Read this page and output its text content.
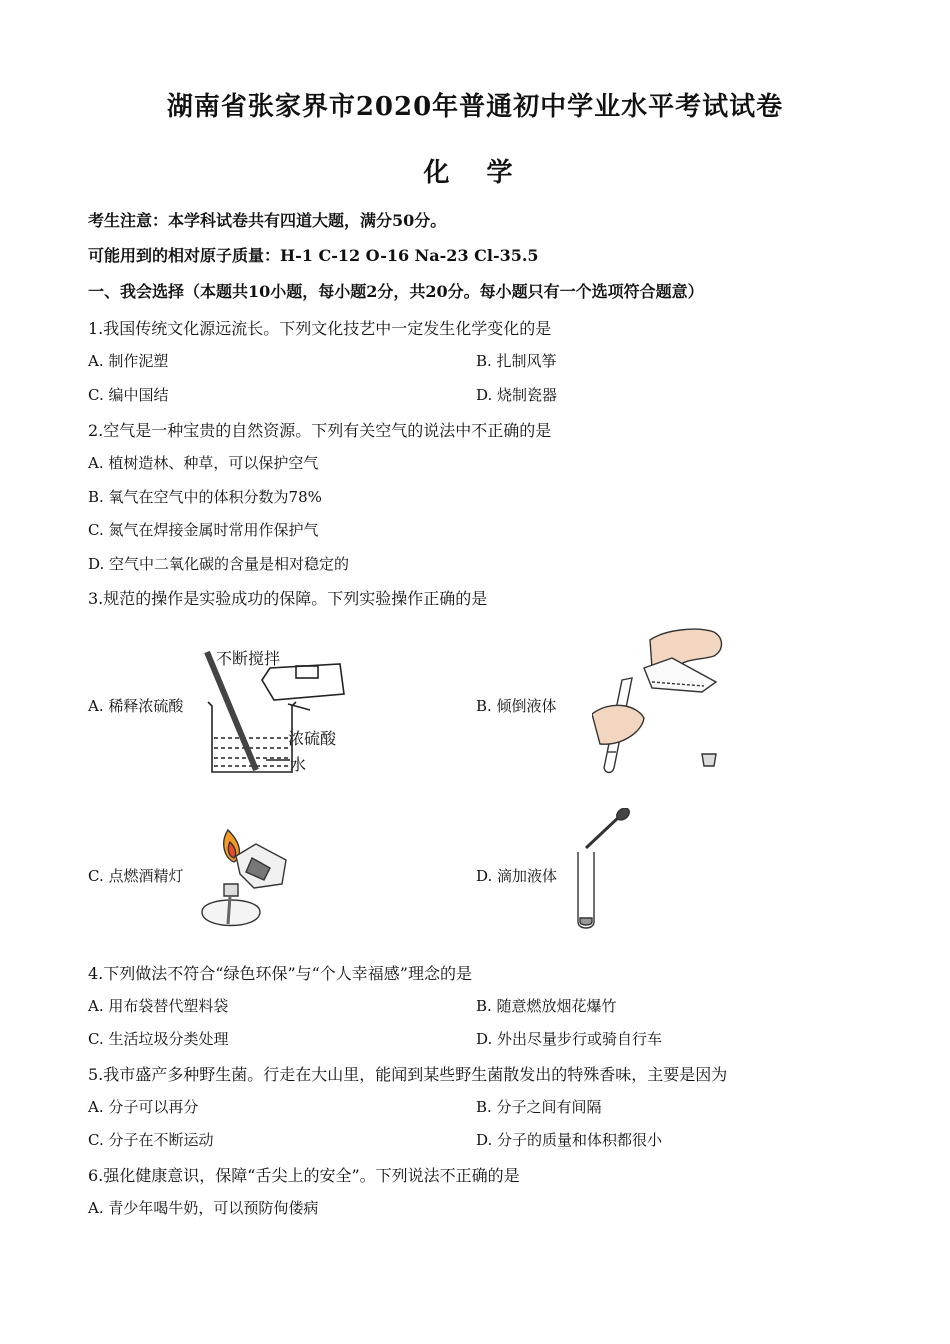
湖南省张家界市2020年普通初中学业水平考试试卷
化 学
考生注意：本学科试卷共有四道大题，满分50分。
可能用到的相对原子质量：H-1 C-12 O-16 Na-23 Cl-35.5
一、我会选择（本题共10小题，每小题2分，共20分。每小题只有一个选项符合题意）
1.我国传统文化源远流长。下列文化技艺中一定发生化学变化的是
A. 制作泥塑	B. 扎制风筝
C. 编中国结	D. 烧制瓷器
2.空气是一种宝贵的自然资源。下列有关空气的说法中不正确的是
A. 植树造林、种草，可以保护空气
B. 氧气在空气中的体积分数为78%
C. 氮气在焊接金属时常用作保护气
D. 空气中二氧化碳的含量是相对稳定的
3.规范的操作是实验成功的保障。下列实验操作正确的是
A. 稀释浓硫酸	B. 倾倒液体
C. 点燃酒精灯	D. 滴加液体
不断搅拌
浓硫酸
水
4.下列做法不符合“绿色环保”与“个人幸福感”理念的是
A. 用布袋替代塑料袋	B. 随意燃放烟花爆竹
C. 生活垃圾分类处理	D. 外出尽量步行或骑自行车
5.我市盛产多种野生菌。行走在大山里，能闻到某些野生菌散发出的特殊香味，主要是因为
A. 分子可以再分	B. 分子之间有间隔
C. 分子在不断运动	D. 分子的质量和体积都很小
6.强化健康意识，保障“舌尖上的安全”。下列说法不正确的是
A. 青少年喝牛奶，可以预防佝偻病
